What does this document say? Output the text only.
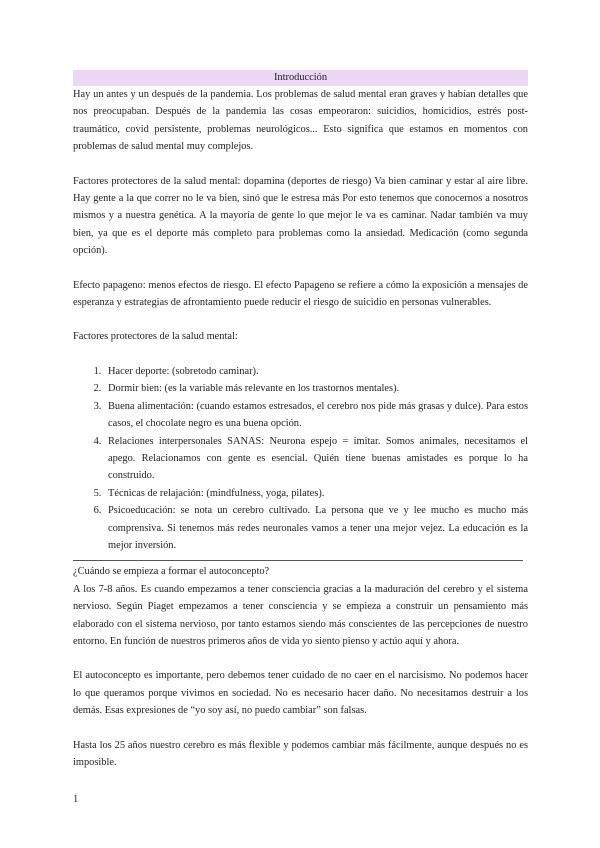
Introducción

Hay un antes y un después de la pandemia. Los problemas de salud mental eran graves y habían detalles que nos preocupaban. Después de la pandemia las cosas empeoraron: suicidios, homicidios, estrés post-traumático, covid persistente, problemas neurológicos... Esto significa que estamos en momentos con problemas de salud mental muy complejos.

Factores protectores de la salud mental: dopamina (deportes de riesgo) Va bien caminar y estar al aire libre. Hay gente a la que correr no le va bien, sinó que le estresa más Por esto tenemos que conocernos a nosotros mismos y a nuestra genética. A la mayoría de gente lo que mejor le va es caminar. Nadar también va muy bien, ya que es el deporte más completo para problemas como la ansiedad. Medicación (como segunda opción).

Efecto papageno: menos efectos de riesgo. El efecto Papageno se refiere a cómo la exposición a mensajes de esperanza y estrategias de afrontamiento puede reducir el riesgo de suicidio en personas vulnerables.

Factores protectores de la salud mental:

1. Hacer deporte: (sobretodo caminar).
2. Dormir bien: (es la variable más relevante en los trastornos mentales).
3. Buena alimentación: (cuando estamos estresados, el cerebro nos pide más grasas y dulce). Para estos casos, el chocolate negro es una buena opción.
4. Relaciones interpersonales SANAS: Neurona espejo = imitar. Somos animales, necesitamos el apego. Relacionamos con gente es esencial. Quién tiene buenas amistades es porque lo ha construido.
5. Técnicas de relajación: (mindfulness, yoga, pilates).
6. Psicoeducación: se nota un cerebro cultivado. La persona que ve y lee mucho es mucho más comprensiva. Si tenemos más redes neuronales vamos a tener una mejor vejez. La educación es la mejor inversión.

¿Cuándo se empieza a formar el autoconcepto?

A los 7-8 años. Es cuando empezamos a tener consciencia gracias a la maduración del cerebro y el sistema nervioso. Según Piaget empezamos a tener consciencia y se empieza a construir un pensamiento más elaborado con el sistema nervioso, por tanto estamos siendo más conscientes de las percepciones de nuestro entorno. En función de nuestros primeros años de vida yo siento pienso y actúo aquí y ahora.

El autoconcepto es importante, pero debemos tener cuidado de no caer en el narcisismo. No podemos hacer lo que queramos porque vivimos en sociedad. No es necesario hacer daño. No necesitamos destruir a los demás. Esas expresiones de “yo soy así, no puedo cambiar” son falsas.

Hasta los 25 años nuestro cerebro es más flexible y podemos cambiar más fácilmente, aunque después no es imposible.

1
